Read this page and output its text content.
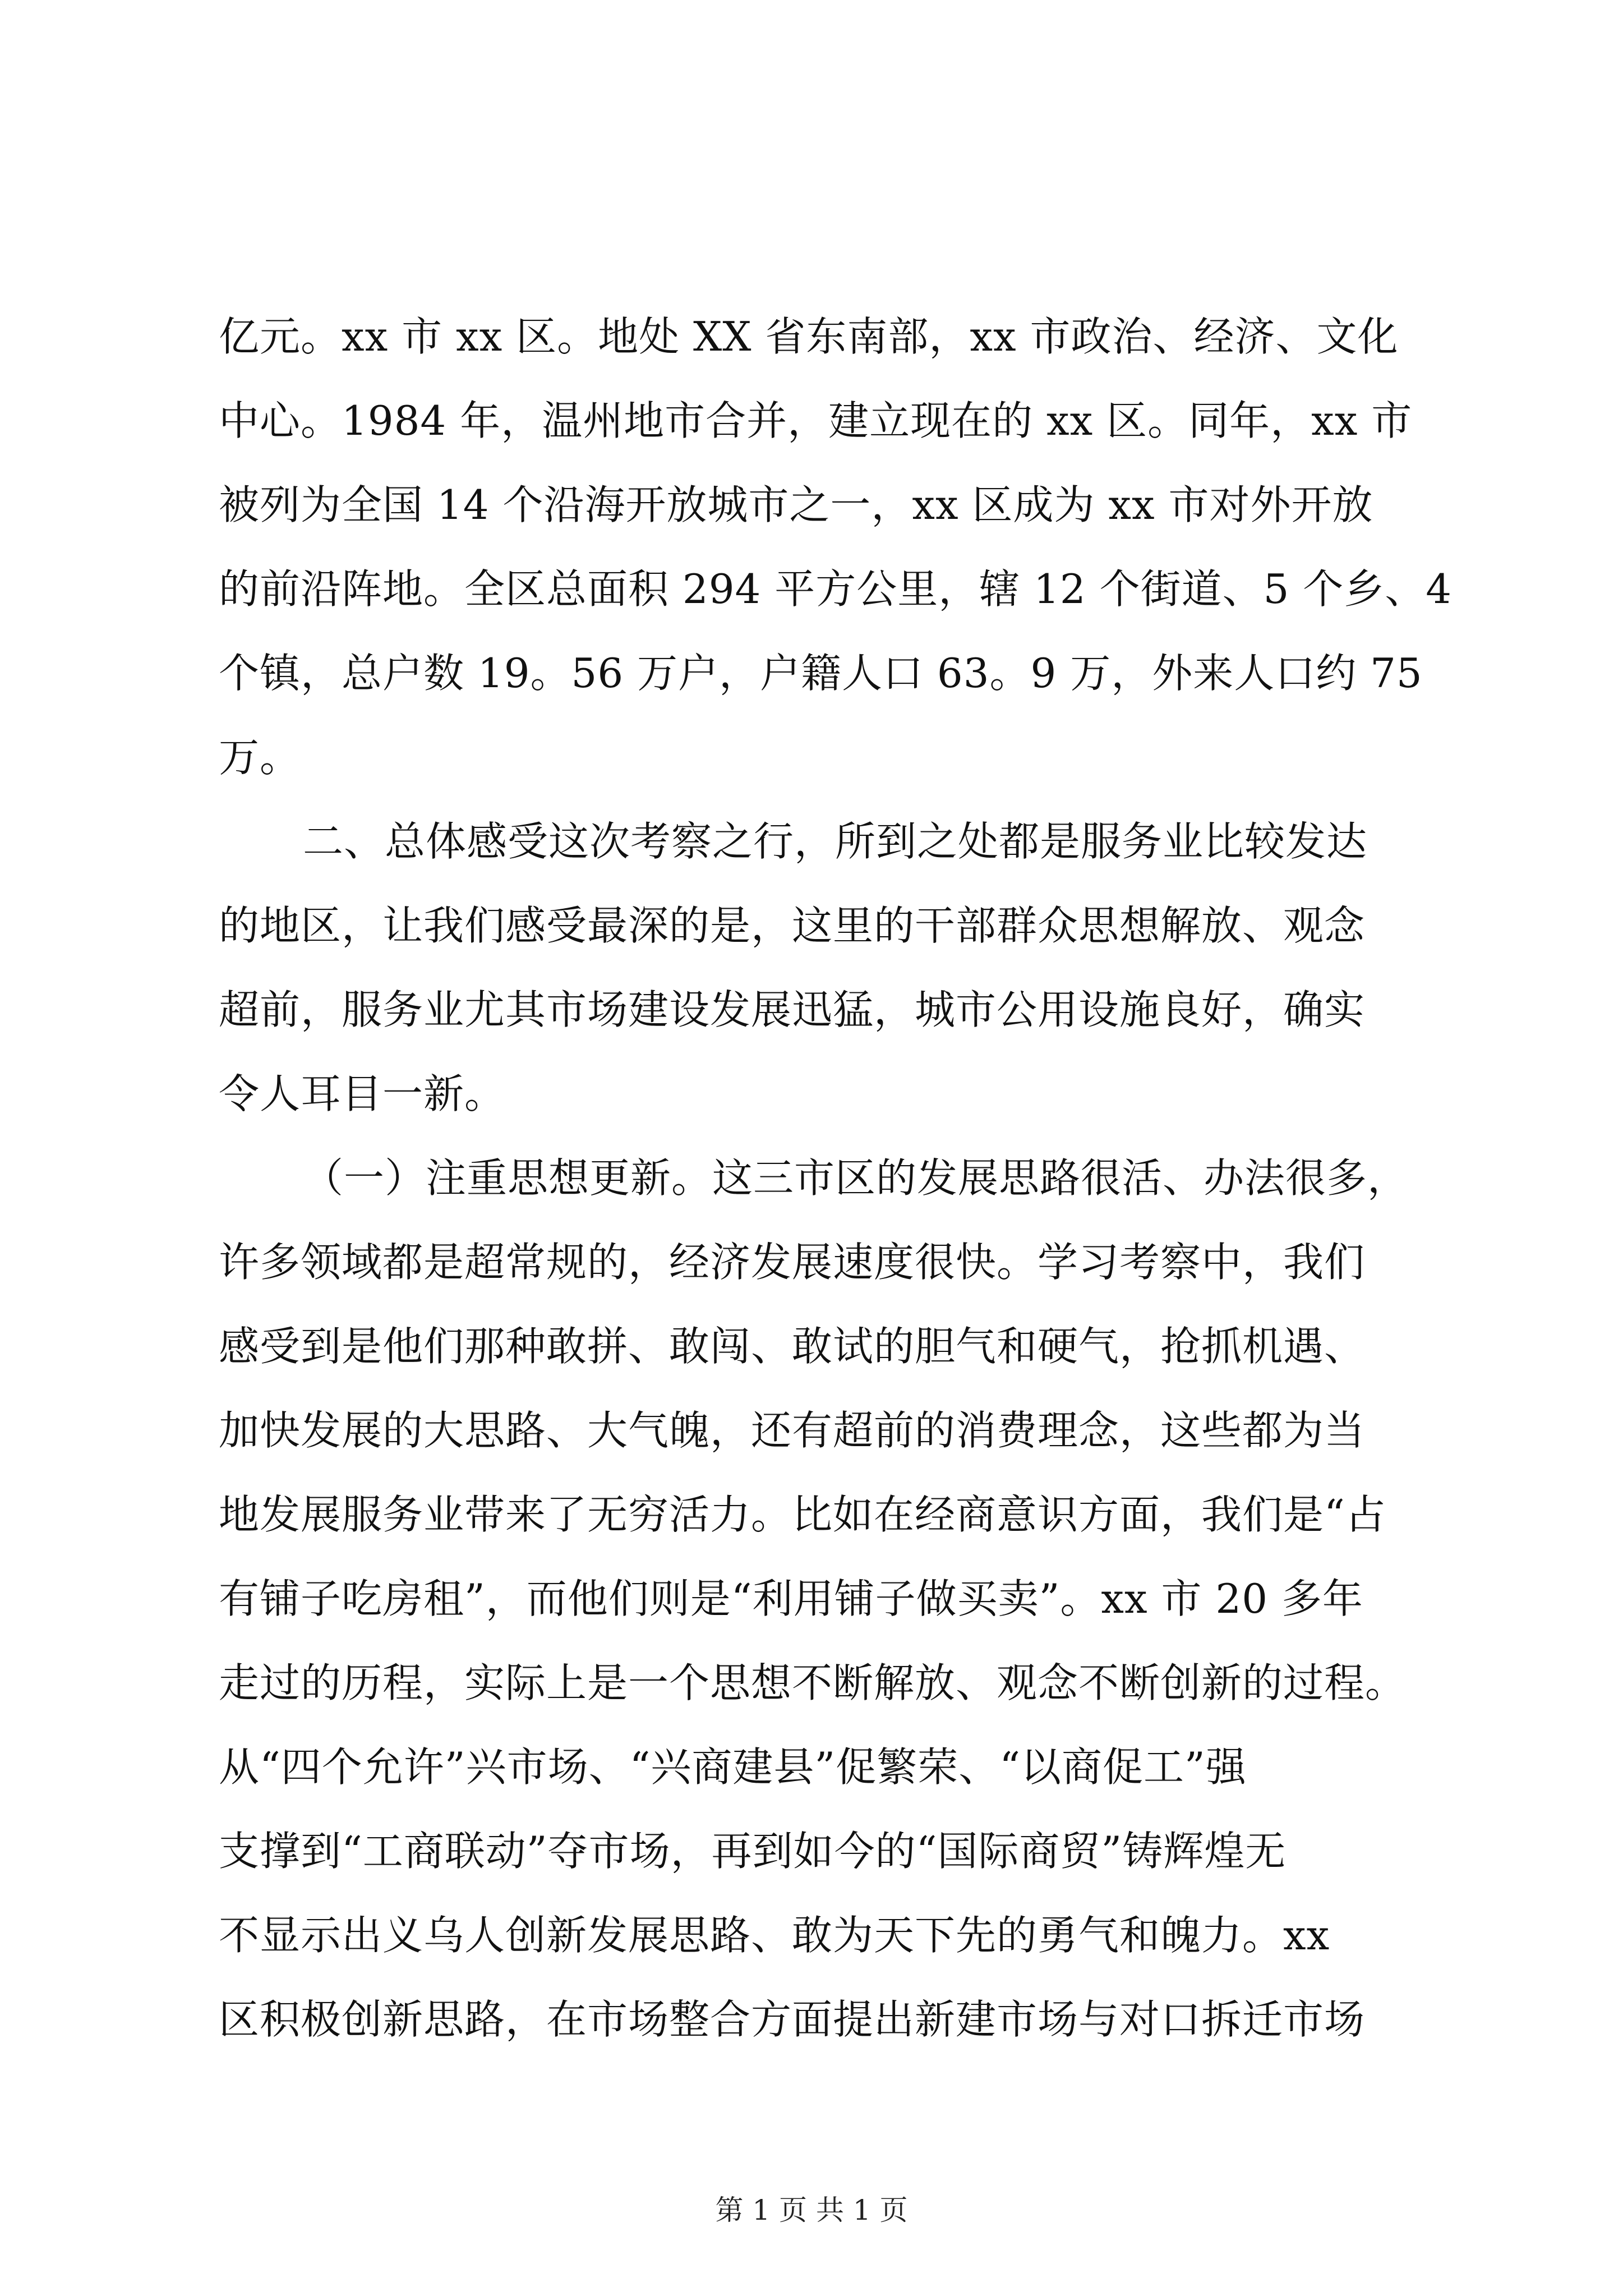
亿元。xx 市 xx 区。地处 XX 省东南部，xx 市政治、经济、文化
中心。1984 年，温州地市合并，建立现在的 xx 区。同年，xx 市
被列为全国 14 个沿海开放城市之一，xx 区成为 xx 市对外开放
的前沿阵地。全区总面积 294 平方公里，辖 12 个街道、5 个乡、4
个镇，总户数 19。56 万户，户籍人口 63。9 万，外来人口约 75
万。
二、总体感受这次考察之行，所到之处都是服务业比较发达
的地区，让我们感受最深的是，这里的干部群众思想解放、观念
超前，服务业尤其市场建设发展迅猛，城市公用设施良好，确实
令人耳目一新。
（一）注重思想更新。这三市区的发展思路很活、办法很多，
许多领域都是超常规的，经济发展速度很快。学习考察中，我们
感受到是他们那种敢拼、敢闯、敢试的胆气和硬气，抢抓机遇、
加快发展的大思路、大气魄，还有超前的消费理念，这些都为当
地发展服务业带来了无穷活力。比如在经商意识方面，我们是“占
有铺子吃房租”，而他们则是“利用铺子做买卖”。xx 市 20 多年
走过的历程，实际上是一个思想不断解放、观念不断创新的过程。
从“四个允许”兴市场、“兴商建县”促繁荣、“以商促工”强
支撑到“工商联动”夺市场，再到如今的“国际商贸”铸辉煌无
不显示出义乌人创新发展思路、敢为天下先的勇气和魄力。xx
区积极创新思路，在市场整合方面提出新建市场与对口拆迁市场
第 1 页 共 1 页
